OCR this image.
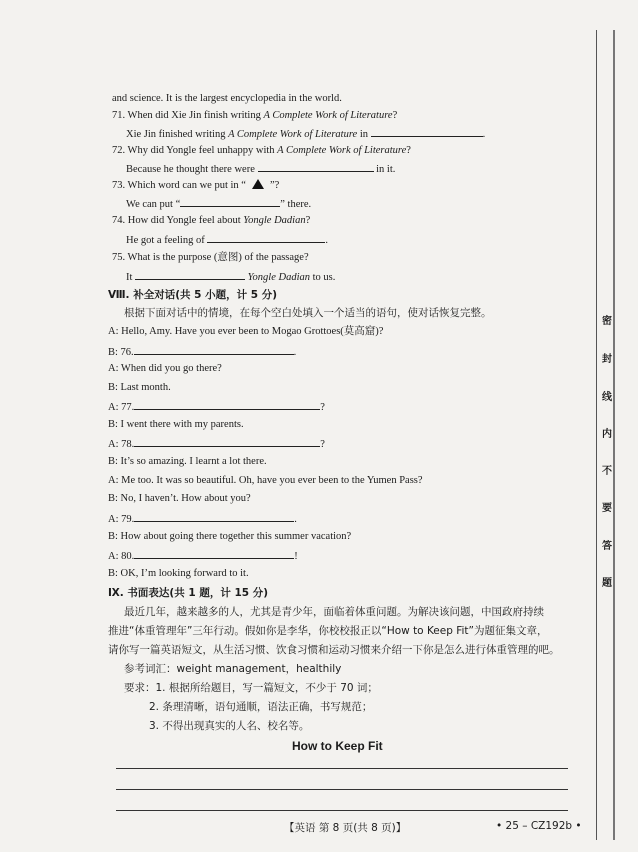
and science. It is the largest encyclopedia in the world.
71. When did Xie Jin finish writing A Complete Work of Literature?
Xie Jin finished writing A Complete Work of Literature in	.
72. Why did Yongle feel unhappy with A Complete Work of Literature?
Because he thought there were	in it.
73. Which word can we put in “ ”?
We can put “	” there.
74. How did Yongle feel about Yongle Dadian?
He got a feeling of	.
75. What is the purpose (意图) of the passage?
It	Yongle Dadian to us.
Ⅷ. 补全对话(共 5 小题，计 5 分)
根据下面对话中的情境，在每个空白处填入一个适当的语句，使对话恢复完整。
A: Hello, Amy. Have you ever been to Mogao Grottoes(莫高窟)?
B: 76.	.
A: When did you go there?
B: Last month.
A: 77.	?
B: I went there with my parents.
A: 78.	?
B: It’s so amazing. I learnt a lot there.
A: Me too. It was so beautiful. Oh, have you ever been to the Yumen Pass?
B: No, I haven’t. How about you?
A: 79.	.
B: How about going there together this summer vacation?
A: 80.	!
B: OK, I’m looking forward to it.
Ⅸ. 书面表达(共 1 题，计 15 分)
最近几年，越来越多的人，尤其是青少年，面临着体重问题。为解决该问题，中国政府持续
推进“体重管理年”三年行动。假如你是李华，你校校报正以“How to Keep Fit”为题征集文章，
请你写一篇英语短文，从生活习惯、饮食习惯和运动习惯来介绍一下你是怎么进行体重管理的吧。
参考词汇：weight management，healthily
要求：1. 根据所给题目，写一篇短文，不少于 70 词；
2. 条理清晰，语句通顺，语法正确，书写规范；
3. 不得出现真实的人名、校名等。
How to Keep Fit
【英语 第 8 页(共 8 页)】	• 25 – CZ192b •
密
封
线
内
不
要
答
题
